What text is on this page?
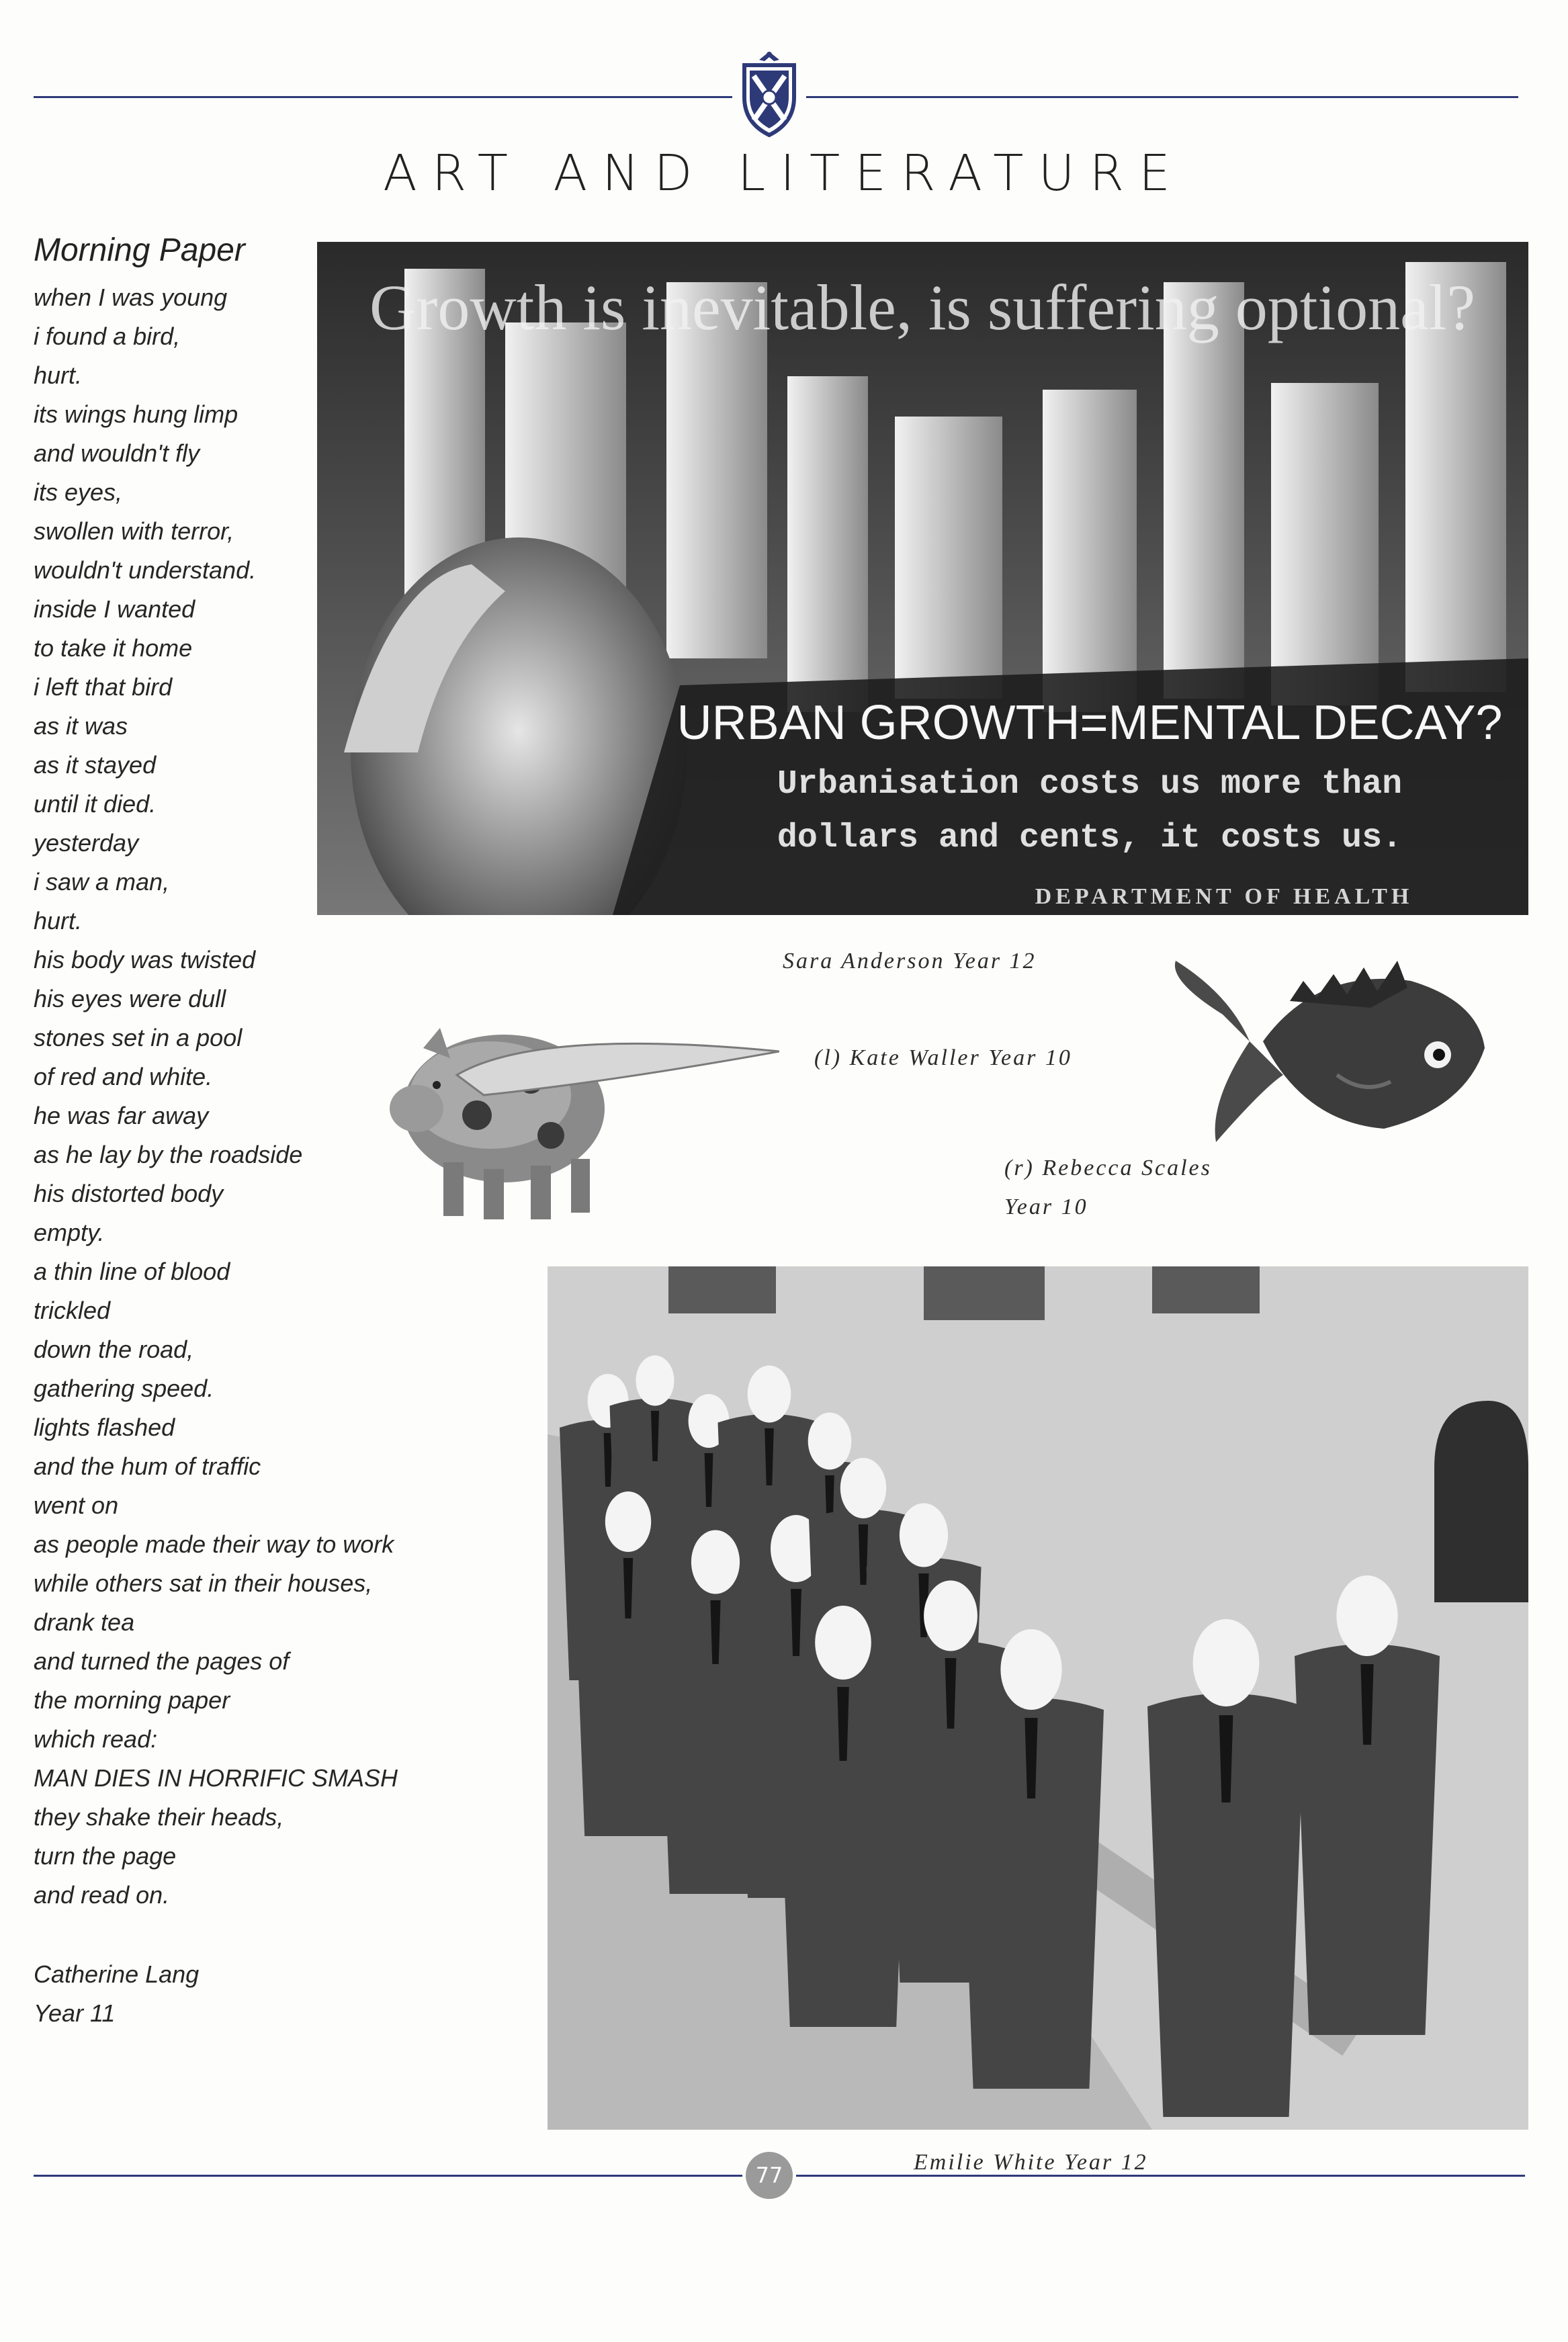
ART AND LITERATURE
Morning Paper
when I was young
i found a bird,
hurt.
its wings hung limp
and wouldn't fly
its eyes,
swollen with terror,
wouldn't understand.
inside I wanted
to take it home
i left that bird
as it was
as it stayed
until it died.
yesterday
i saw a man,
hurt.
his body was twisted
his eyes were dull
stones set in a pool
of red and white.
he was far away
as he lay by the roadside
his distorted body
empty.
a thin line of blood
trickled
down the road,
gathering speed.
lights flashed
and the hum of traffic
went on
as people made their way to work
while others sat in their houses,
drank tea
and turned the pages of
the morning paper
which read:
MAN DIES IN HORRIFIC SMASH
they shake their heads,
turn the page
and read on.
Catherine Lang
Year 11
Growth is inevitable, is suffering optional?
URBAN GROWTH=MENTAL DECAY?
Urbanisation costs us more than
dollars and cents, it costs us.
DEPARTMENT OF HEALTH
Sara Anderson Year 12
(l) Kate Waller Year 10
(r) Rebecca Scales
Year 10
Emilie White Year 12
77
